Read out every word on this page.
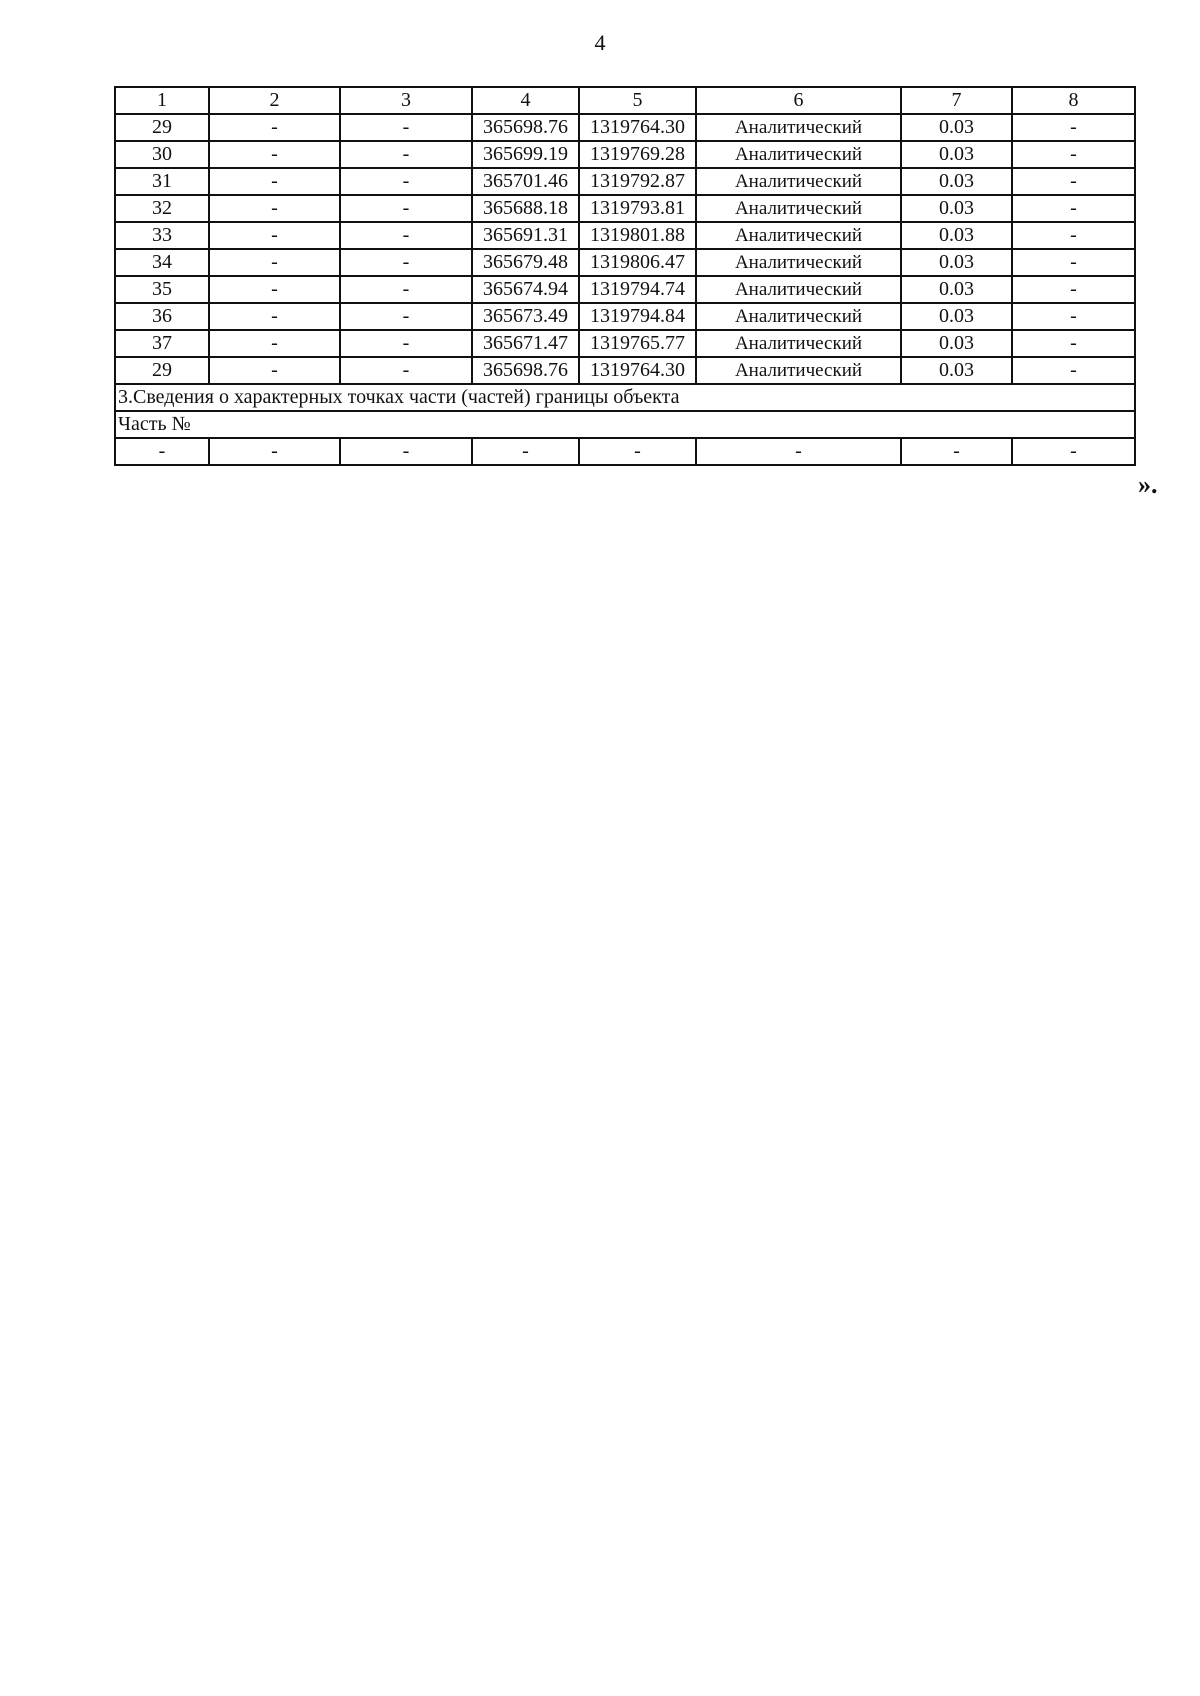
4
1	2	3	4	5	6	7	8
29	-	-	365698.76	1319764.30	Аналитический	0.03	-
30	-	-	365699.19	1319769.28	Аналитический	0.03	-
31	-	-	365701.46	1319792.87	Аналитический	0.03	-
32	-	-	365688.18	1319793.81	Аналитический	0.03	-
33	-	-	365691.31	1319801.88	Аналитический	0.03	-
34	-	-	365679.48	1319806.47	Аналитический	0.03	-
35	-	-	365674.94	1319794.74	Аналитический	0.03	-
36	-	-	365673.49	1319794.84	Аналитический	0.03	-
37	-	-	365671.47	1319765.77	Аналитический	0.03	-
29	-	-	365698.76	1319764.30	Аналитический	0.03	-
3.Сведения о характерных точках части (частей) границы объекта							
Часть №							
-	-	-	-	-	-	-	-
».
